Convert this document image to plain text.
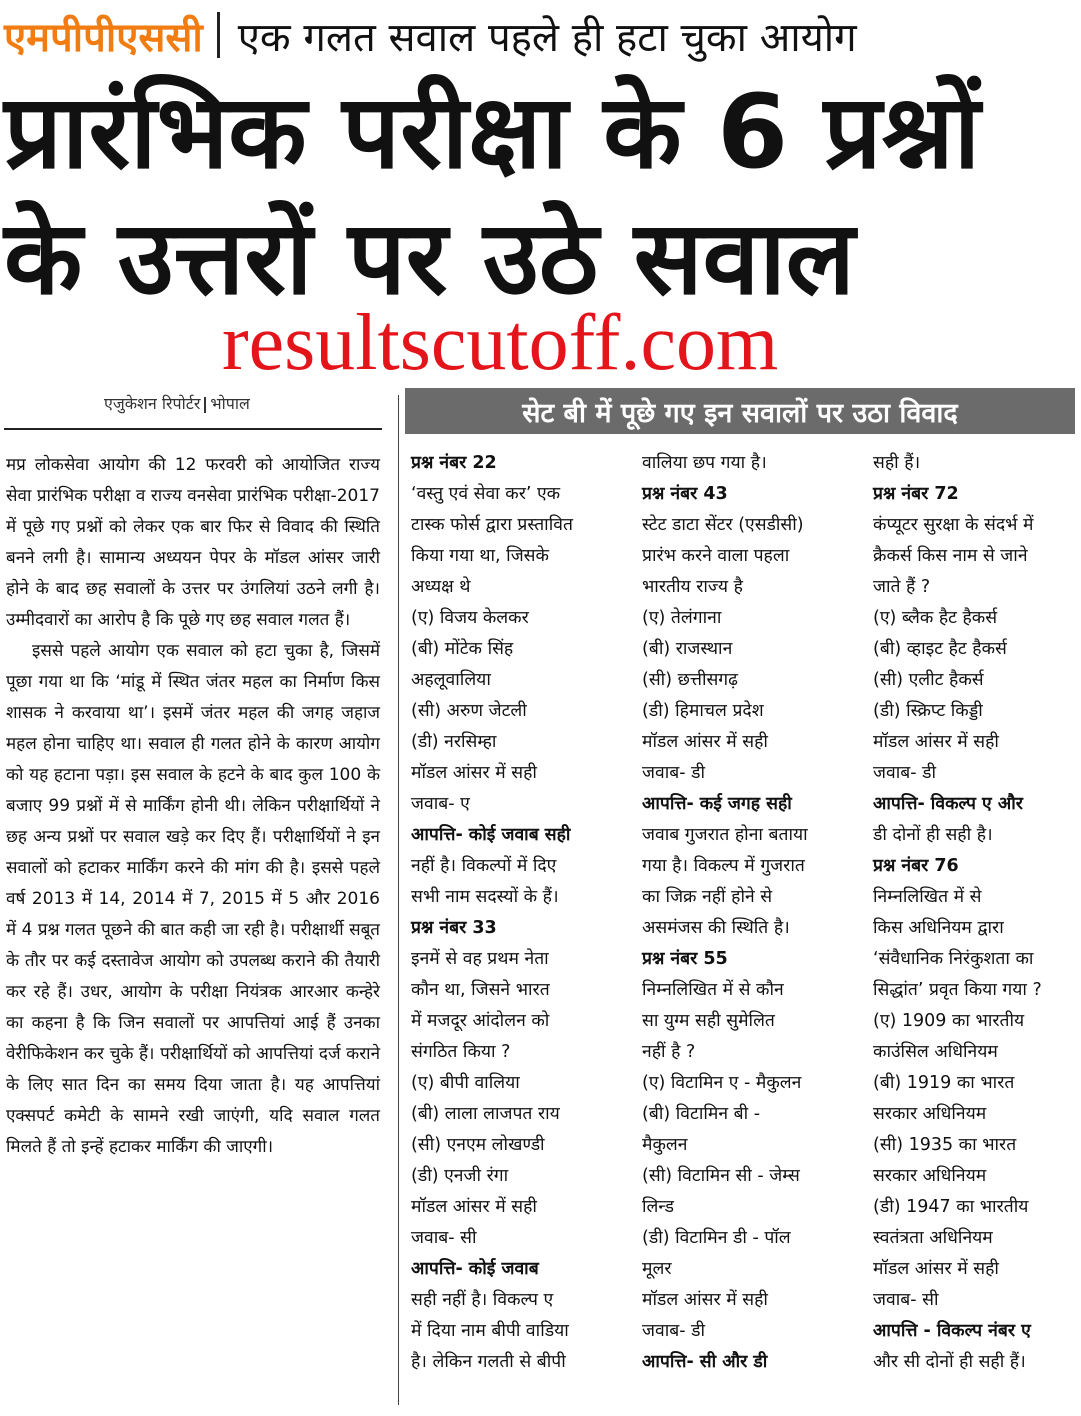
एमपीपीएससी एक गलत सवाल पहले ही हटा चुका आयोग
प्रारंभिक परीक्षा के 6 प्रश्नों
के उत्तरों पर उठे सवाल
resultscutoff.com
एजुकेशन रिपोर्टर भोपाल	सेट बी में पूछे गए इन सवालों पर उठा विवाद

मप्र लोकसेवा आयोग की 12 फरवरी को आयोजित राज्य सेवा प्रारंभिक परीक्षा व राज्य वनसेवा प्रारंभिक परीक्षा-2017 में पूछे गए प्रश्नों को लेकर एक बार फिर से विवाद की स्थिति बनने लगी है। सामान्य अध्ययन पेपर के मॉडल आंसर जारी होने के बाद छह सवालों के उत्तर पर उंगलियां उठने लगी है। उम्मीदवारों का आरोप है कि पूछे गए छह सवाल गलत हैं।

इससे पहले आयोग एक सवाल को हटा चुका है, जिसमें पूछा गया था कि ‘मांडू में स्थित जंतर महल का निर्माण किस शासक ने करवाया था’। इसमें जंतर महल की जगह जहाज महल होना चाहिए था। सवाल ही गलत होने के कारण आयोग को यह हटाना पड़ा। इस सवाल के हटने के बाद कुल 100 के बजाए 99 प्रश्नों में से मार्किंग होनी थी। लेकिन परीक्षार्थियों ने छह अन्य प्रश्नों पर सवाल खड़े कर दिए हैं। परीक्षार्थियों ने इन सवालों को हटाकर मार्किंग करने की मांग की है। इससे पहले वर्ष 2013 में 14, 2014 में 7, 2015 में 5 और 2016 में 4 प्रश्न गलत पूछने की बात कही जा रही है। परीक्षार्थी सबूत के तौर पर कई दस्तावेज आयोग को उपलब्ध कराने की तैयारी कर रहे हैं। उधर, आयोग के परीक्षा नियंत्रक आरआर कन्हेरे का कहना है कि जिन सवालों पर आपत्तियां आई हैं उनका वेरीफिकेशन कर चुके हैं। परीक्षार्थियों को आपत्तियां दर्ज कराने के लिए सात दिन का समय दिया जाता है। यह आपत्तियां एक्सपर्ट कमेटी के सामने रखी जाएंगी, यदि सवाल गलत मिलते हैं तो इन्हें हटाकर मार्किंग की जाएगी।

प्रश्न नंबर 22
‘वस्तु एवं सेवा कर’ एक
टास्क फोर्स द्वारा प्रस्तावित
किया गया था, जिसके
अध्यक्ष थे
(ए) विजय केलकर
(बी) मोंटेक सिंह
अहलूवालिया
(सी) अरुण जेटली
(डी) नरसिम्हा
मॉडल आंसर में सही
जवाब- ए
आपत्ति- कोई जवाब सही
नहीं है। विकल्पों में दिए
सभी नाम सदस्यों के हैं।
प्रश्न नंबर 33
इनमें से वह प्रथम नेता
कौन था, जिसने भारत
में मजदूर आंदोलन को
संगठित किया ?
(ए) बीपी वालिया
(बी) लाला लाजपत राय
(सी) एनएम लोखण्डी
(डी) एनजी रंगा
मॉडल आंसर में सही
जवाब- सी
आपत्ति- कोई जवाब
सही नहीं है। विकल्प ए
में दिया नाम बीपी वाडिया
है। लेकिन गलती से बीपी
वालिया छप गया है।
प्रश्न नंबर 43
स्टेट डाटा सेंटर (एसडीसी)
प्रारंभ करने वाला पहला
भारतीय राज्य है
(ए) तेलंगाना
(बी) राजस्थान
(सी) छत्तीसगढ़
(डी) हिमाचल प्रदेश
मॉडल आंसर में सही
जवाब- डी
आपत्ति- कई जगह सही
जवाब गुजरात होना बताया
गया है। विकल्प में गुजरात
का जिक्र नहीं होने से
असमंजस की स्थिति है।
प्रश्न नंबर 55
निम्नलिखित में से कौन
सा युग्म सही सुमेलित
नहीं है ?
(ए) विटामिन ए - मैकुलन
(बी) विटामिन बी -
मैकुलन
(सी) विटामिन सी - जेम्स
लिन्ड
(डी) विटामिन डी - पॉल
मूलर
मॉडल आंसर में सही
जवाब- डी
आपत्ति- सी और डी
सही हैं।
प्रश्न नंबर 72
कंप्यूटर सुरक्षा के संदर्भ में
क्रैकर्स किस नाम से जाने
जाते हैं ?
(ए) ब्लैक हैट हैकर्स
(बी) व्हाइट हैट हैकर्स
(सी) एलीट हैकर्स
(डी) स्क्रिप्ट किड्डी
मॉडल आंसर में सही
जवाब- डी
आपत्ति- विकल्प ए और
डी दोनों ही सही है।
प्रश्न नंबर 76
निम्नलिखित में से
किस अधिनियम द्वारा
‘संवैधानिक निरंकुशता का
सिद्धांत’ प्रवृत किया गया ?
(ए) 1909 का भारतीय
काउंसिल अधिनियम
(बी) 1919 का भारत
सरकार अधिनियम
(सी) 1935 का भारत
सरकार अधिनियम
(डी) 1947 का भारतीय
स्वतंत्रता अधिनियम
मॉडल आंसर में सही
जवाब- सी
आपत्ति - विकल्प नंबर ए
और सी दोनों ही सही हैं।
